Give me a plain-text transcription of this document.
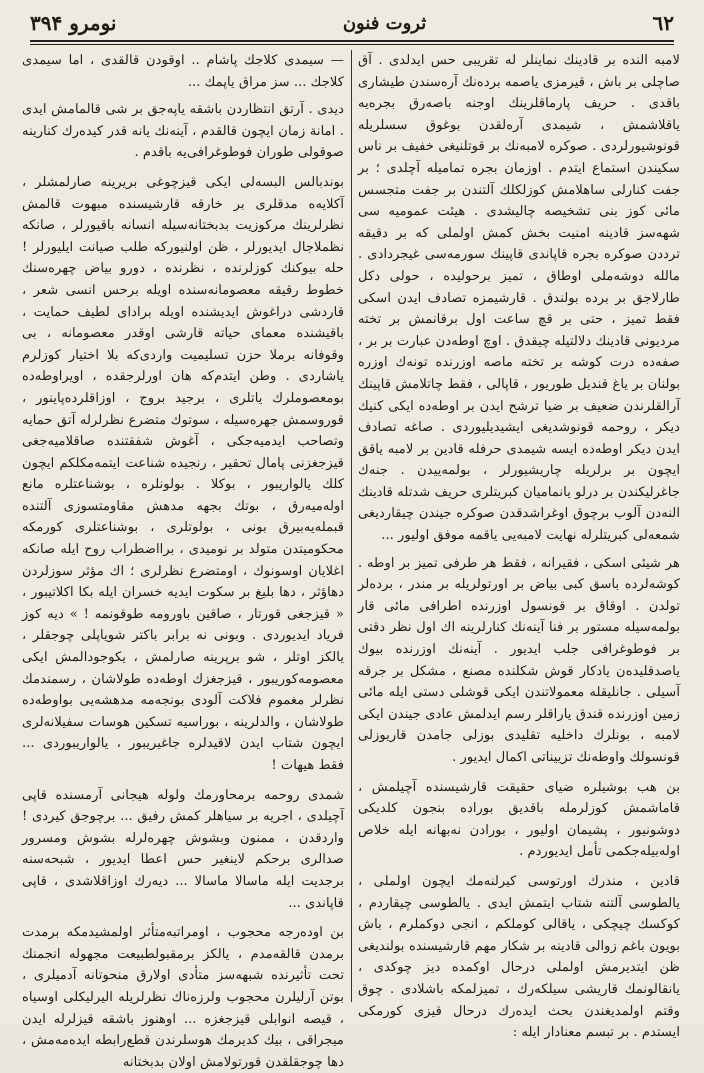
٦٢
ثروت فنون
نومرو ۳۹۴

لامبه النده بر قادینك نماینلر له تقریبی حس ایدلدی . آق صاچلی بر باش ، قیرمزی یاصمه برده‌نك آره‌سندن طیشاری باقدی . حریف پارماقلرینك اوجنه باصه‌رق بجره‌یه یاقلاشمش ، شیمدی آره‌لقدن بوغوق سسلریله قونوشیورلردی . صوکره لامبه‌نك بر قوتلنیغی خفیف بر ناس سکیندن استماع ایتدم . اوزمان بجره تمامیله آچلدی ؛ بر جفت کنارلی ساهلامش کوزلکلك آلتندن بر جفت متجسس مائی کوز بنی تشخیصه چالیشدی . هیئت عمومیه‌ سی شهه‌سز قادینه امنیت بخش کمش اولملی که بر دقیقه ترددن صوکره بجره قاپاندی قاپینك سورمه‌سی غیجردادی . مالله دوشه‌ملی اوطاق ، تمیز برحولیده ، حولی دکل طارلاجق بر برده بولندق . قارشیمزه تصادف ایدن اسکی فقط تمیز ، حتی بر قچ ساعت اول برقانمش بر تخته مردیونی قادینك دلالتیله چیقدق . اوچ اوطه‌دن عبارت بر بر ، صفه‌ده درت کوشه بر تخته ماصه اوزرنده تونه‌ك اوزره بولنان بر یاغ قندیل طوریور ، قاپالی ، فقط چاتلامش قاپینك آرالقلرندن ضعیف بر ضیا ترشح ایدن بر اوطه‌ده ایکی کنیك دیکر ، روحمه قونوشدیغی ایشیدیلیوردی . صاغه تصادف ایدن دیکر اوطه‌ده ایسه شیمدی حرفله قادین بر لامبه یاقق ایچون بر برلریله چاریشیورلر ، بولمه‌ییدن . جنه‌ك جاغرلیکندن بر درلو یانمامیان کبریتلری حریف شدتله قادینك النه‌دن آلوب برچوق اوغراشدقدن صوکره جیندن چیقاردیغی شمعه‌لی کبریتلرله نهایت لامبه‌یی یاقمه موفق اولیور ...

هر شیئی اسکی ، فقیرانه ، فقط هر طرفی تمیز بر اوطه . کوشه‌لرده باسق کبی بیاض بر اورتولریله بر مندر ، برده‌لر تولدن . اوقاق بر قونسول اوزرنده اطرافی مائی قار بولمه‌سیله مستور بر فنا آینه‌نك کنارلرینه اك اول نظر دقتی بر فوطوغرافی جلب ایدیور . آینه‌نك اوزرنده بیوك یاصدقلیده‌ن یادکار قوش شکلنده مصنع ، مشکل بر جرقه آسیلی . جانلیقله معمولاتندن ایکی قوشلی دستی ایله مائی زمین اوزرنده قندق یاراقلر رسم ایدلمش عادی جیندن ایکی لامبه ، بونلرك داخلیه تقلیدی بوزلی جامدن قاریوزلی قونسولك واوطه‌نك تزییناتی اکمال ایدیور .

بن هب بوشیلره ضیای حقیقت قارشیسنده آچیلمش ، قاماشمش کوزلرمله باقدیق بوراده بنجون کلدیکی دوشونیور ، پشیمان اولیور ، بورادن نه‌بهانه ایله خلاص اوله‌بیله‌جکمی تأمل ایدیوردم .

قادین ، مندرك اورتوسی کیرلنه‌مك ایچون اولملی ، یالطوسی آلتنه شتاب ایتمش ایدی . یالطوسی چیقاردم ، کوکسك چیچکی ، یاقالی کوملکم ، انجی دوکملرم ، باش بویون باغم زوالی قادینه بر شکار مهم قارشیسنده بولندیغی ظن ایتدیرمش اولملی درحال اوکمده دیز چوکدی ، یانقالونمك قاریشی سیلکه‌رك ، تمیزلمکه باشلادی . چوق وقتم اولمدیغندن بحث ایده‌رك درحال قیزی کورمکی ایستدم . بر تبسم معنادار ایله :

— سیمدی کلاجك پاشام .. اوقودن قالقدی ، اما سیمدی کلاجك ... سز مراق یاپمك ...

دیدی . آرتق انتظاردن باشقه یاپه‌جق بر شی قالمامش ایدی . امانة زمان ایچون قالقدم ، آینه‌نك یانه قدر کیده‌رك کنارینه صوقولی طوران فوطوغرافی‌یه باقدم .

بوندبالس البسه‌لی ایکی قیزچوغی بریرینه صارلمشلر ، آکلایه‌ه مدقلری بر خارقه قارشیسنده مبهوت قالمش نظرلرینك مرکوزیت بدبختانه‌سیله انسانه باقیورلر ، صانکه نظملاجال ایدیورلر ، ظن اولنیورکه طلب صیانت ایلیورلر ! حله بیوکنك کوزلرنده ، نظرنده ، دورو بیاض چهره‌سنك خطوط رقیقه معصومانه‌سنده اویله برحس انسی شعر ، قاردشی دراغوش ایدیشنده اویله برادای لطیف حمایت ، باقیشنده معمای حیاته قارشی اوقدر معصومانه ، بی‌ وقوفانه برملا حزن تسلیمیت واردی‌که بلا اختیار کوزلرم یاشاردی . وطن ایتدم‌که هان اورلرجقده ، اویراوطه‌ده بومعصوملرك یاتلری ، برجید بروج ، اوزاقلرده‌پاینور ، قوروسمش جهره‌سیله ، سوتوك متضرع نظرلرله آتق حمایه وتصاحب ایدمیه‌جکی ، آغوش شفقتنده صاقلامیه‌جغی قیزجغزنی پامال تحقیر ، رنجیده شناعت ایتمه‌مکلکم ایچون کلك یالواریبور ، بوکلا . بولونلره ، بوشناعتلره مانع اوله‌میه‌رق ، بوتك بجهه مدهش مقاومتسوزی آلتنده قبمله‌یه‌بیرق بونی ، بولوتلری ، بوشناعتلری کورمکه محکومیتدن متولد بر نومیدی ، برااضطراب روح ایله صانکه اغلایان او‌سونوك ، اومتضرع نظرلری ؛ اك مؤثر سوزلردن دهاؤثر ، دها بلیغ بر سکوت ایدیه خسران ایله بکا اکلاتیبور ، « قیزجغی قورتار ، صاقین باورومه طوقونمه ! » دیه کوز فریاد ایدیوردی . وبونی نه برابر باکتر شویاپلی چوجقلر ، یالکز اوتلر ، شو برپرینه صارلمش ، یکوجودالمش ایکی معصومه‌کوریبور ، قیزجغزك اوطه‌ده طولاشان ، رسمندمك نظرلر مغموم فلاکت آلودی بونجه‌مه مدهشه‌یی بواوطه‌ده طولاشان ، والدلرینه ، بوراسیه تسکین هوسات سفیلانه‌لری ایچون شتاب ایدن لاقیدلره جاغیریبور ، یالواریبوردی ... فقط هیهات !

شمدی روحمه برمحاورمك ولوله هیجانی آرمسنده قاپی آچیلدی ، اجریه بر سیاهلر کمش رفیق ... برچوجق کیردی ! واردقدن ، ممنون وبشوش چهره‌لرله بشوش ومسرور صدالری برحکم لاینغیر حس اعطا ایدیور ، شبحه‌سنه برجدیت ایله ماسالا ماسالا ... دیه‌رك اوزاقلاشدی ، قاپی قاپاندی ...

بن اوده‌رجه محجوب ، اومراتبه‌متأثر اولمشیدمکه برمدت برمدن قالقه‌مدم ، یالکز برمقبولطبیعت مجهوله انجمنك تحت تأثیرنده شبهه‌سز متأدی اولارق منحوتانه آدمیلری ، بوتن آرلیلرن محجوب ولرزه‌ناك نظرلریله الیرلیکلی اوسیاه ، قیصه انوابلی قیزجغزه ... اوهنوز باشقه قیزلرله ایدن میجراقی ، بیك کدیرمك هوسلرندن قطع‌رابطه ایده‌مه‌مش ، دها چوجقلقدن قورتولامش اولان بدبختانه
